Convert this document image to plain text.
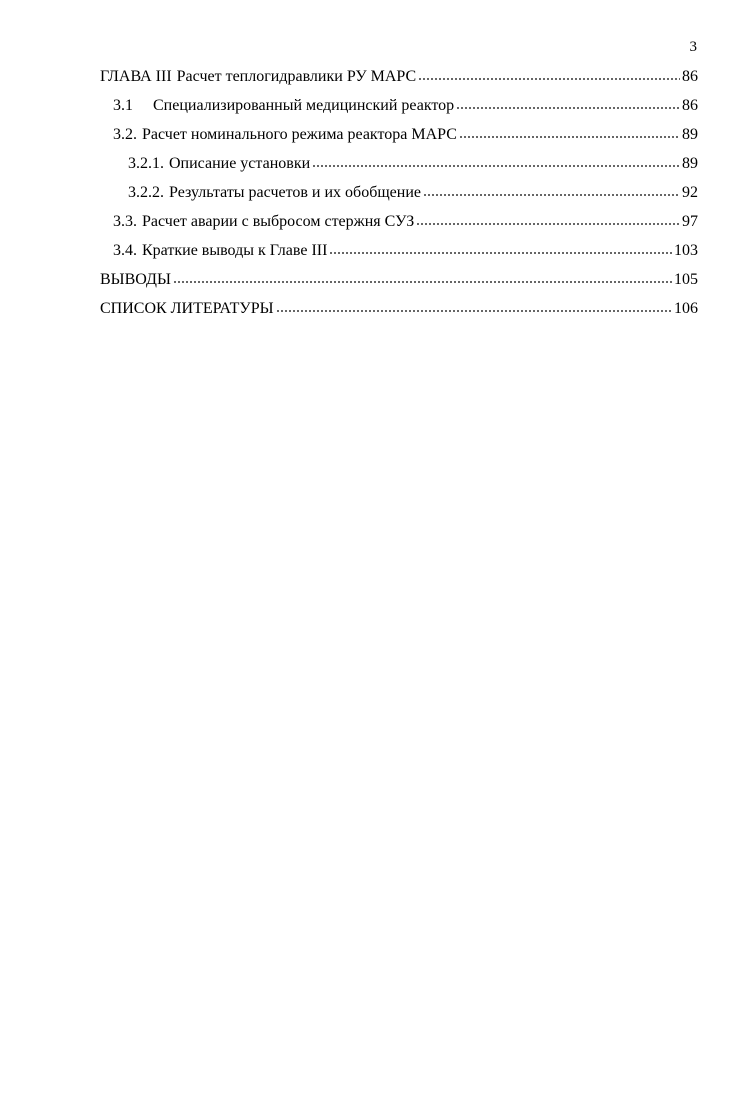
3
ГЛАВА III Расчет теплогидравлики РУ МАРС	86
3.1	Специализированный медицинский реактор	86
3.2. Расчет номинального режима реактора МАРС	89
3.2.1. Описание установки	89
3.2.2. Результаты расчетов и их обобщение	92
3.3. Расчет аварии с выбросом стержня СУЗ	97
3.4. Краткие выводы к Главе III	103
ВЫВОДЫ	105
СПИСОК ЛИТЕРАТУРЫ	106
